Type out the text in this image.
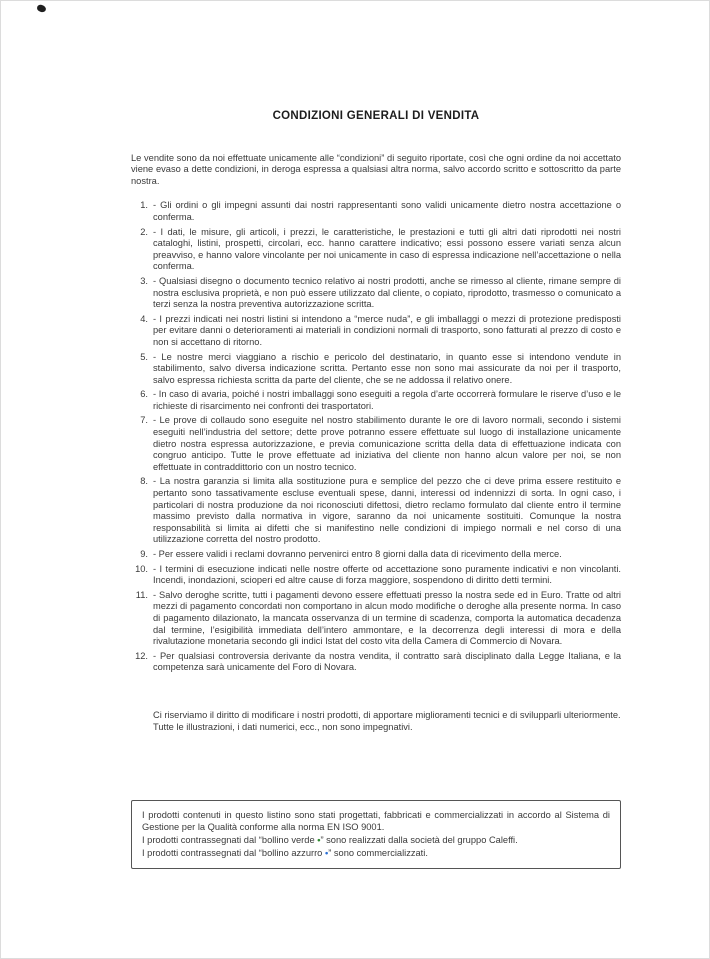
CONDIZIONI GENERALI DI VENDITA

Le vendite sono da noi effettuate unicamente alle “condizioni” di seguito riportate, così che ogni ordine da noi accettato viene evaso a dette condizioni, in deroga espressa a qualsiasi altra norma, salvo accordo scritto e sottoscritto da parte nostra.

1. - Gli ordini o gli impegni assunti dai nostri rappresentanti sono validi unicamente dietro nostra accettazione o conferma.
2. - I dati, le misure, gli articoli, i prezzi, le caratteristiche, le prestazioni e tutti gli altri dati riprodotti nei nostri cataloghi, listini, prospetti, circolari, ecc. hanno carattere indicativo; essi possono essere variati senza alcun preavviso, e hanno valore vincolante per noi unicamente in caso di espressa indicazione nell’accettazione o nella conferma.
3. - Qualsiasi disegno o documento tecnico relativo ai nostri prodotti, anche se rimesso al cliente, rimane sempre di nostra esclusiva proprietà, e non può essere utilizzato dal cliente, o copiato, riprodotto, trasmesso o comunicato a terzi senza la nostra preventiva autorizzazione scritta.
4. - I prezzi indicati nei nostri listini si intendono a “merce nuda”, e gli imballaggi o mezzi di protezione predisposti per evitare danni o deterioramenti ai materiali in condizioni normali di trasporto, sono fatturati al prezzo di costo e non si accettano di ritorno.
5. - Le nostre merci viaggiano a rischio e pericolo del destinatario, in quanto esse si intendono vendute in stabilimento, salvo diversa indicazione scritta. Pertanto esse non sono mai assicurate da noi per il trasporto, salvo espressa richiesta scritta da parte del cliente, che se ne addossa il relativo onere.
6. - In caso di avaria, poiché i nostri imballaggi sono eseguiti a regola d’arte occorrerà formulare le riserve d’uso e le richieste di risarcimento nei confronti dei trasportatori.
7. - Le prove di collaudo sono eseguite nel nostro stabilimento durante le ore di lavoro normali, secondo i sistemi eseguiti nell’industria del settore; dette prove potranno essere effettuate sul luogo di installazione unicamente dietro nostra espressa autorizzazione, e previa comunicazione scritta della data di effettuazione indicata con congruo anticipo. Tutte le prove effettuate ad iniziativa del cliente non hanno alcun valore per noi, se non effettuate in contraddittorio con un nostro tecnico.
8. - La nostra garanzia si limita alla sostituzione pura e semplice del pezzo che ci deve prima essere restituito e pertanto sono tassativamente escluse eventuali spese, danni, interessi od indennizzi di sorta. In ogni caso, i particolari di nostra produzione da noi riconosciuti difettosi, dietro reclamo formulato dal cliente entro il termine massimo previsto dalla normativa in vigore, saranno da noi unicamente sostituiti. Comunque la nostra responsabilità si limita ai difetti che si manifestino nelle condizioni di impiego normali e nel corso di una utilizzazione corretta del nostro prodotto.
9. - Per essere validi i reclami dovranno pervenirci entro 8 giorni dalla data di ricevimento della merce.
10. - I termini di esecuzione indicati nelle nostre offerte od accettazione sono puramente indicativi e non vincolanti. Incendi, inondazioni, scioperi ed altre cause di forza maggiore, sospendono di diritto detti termini.
11. - Salvo deroghe scritte, tutti i pagamenti devono essere effettuati presso la nostra sede ed in Euro. Tratte od altri mezzi di pagamento concordati non comportano in alcun modo modifiche o deroghe alla presente norma. In caso di pagamento dilazionato, la mancata osservanza di un termine di scadenza, comporta la automatica decadenza dal termine, l’esigibilità immediata dell’intero ammontare, e la decorrenza degli interessi di mora e della rivalutazione monetaria secondo gli indici Istat del costo vita della Camera di Commercio di Novara.
12. - Per qualsiasi controversia derivante da nostra vendita, il contratto sarà disciplinato dalla Legge Italiana, e la competenza sarà unicamente del Foro di Novara.

Ci riserviamo il diritto di modificare i nostri prodotti, di apportare miglioramenti tecnici e di svilupparli ulteriormente.

Tutte le illustrazioni, i dati numerici, ecc., non sono impegnativi.

I prodotti contenuti in questo listino sono stati progettati, fabbricati e commercializzati in accordo al Sistema di Gestione per la Qualità conforme alla norma EN ISO 9001.

I prodotti contrassegnati dal “bollino verde •” sono realizzati dalla società del gruppo Caleffi.

I prodotti contrassegnati dal “bollino azzurro •” sono commercializzati.
